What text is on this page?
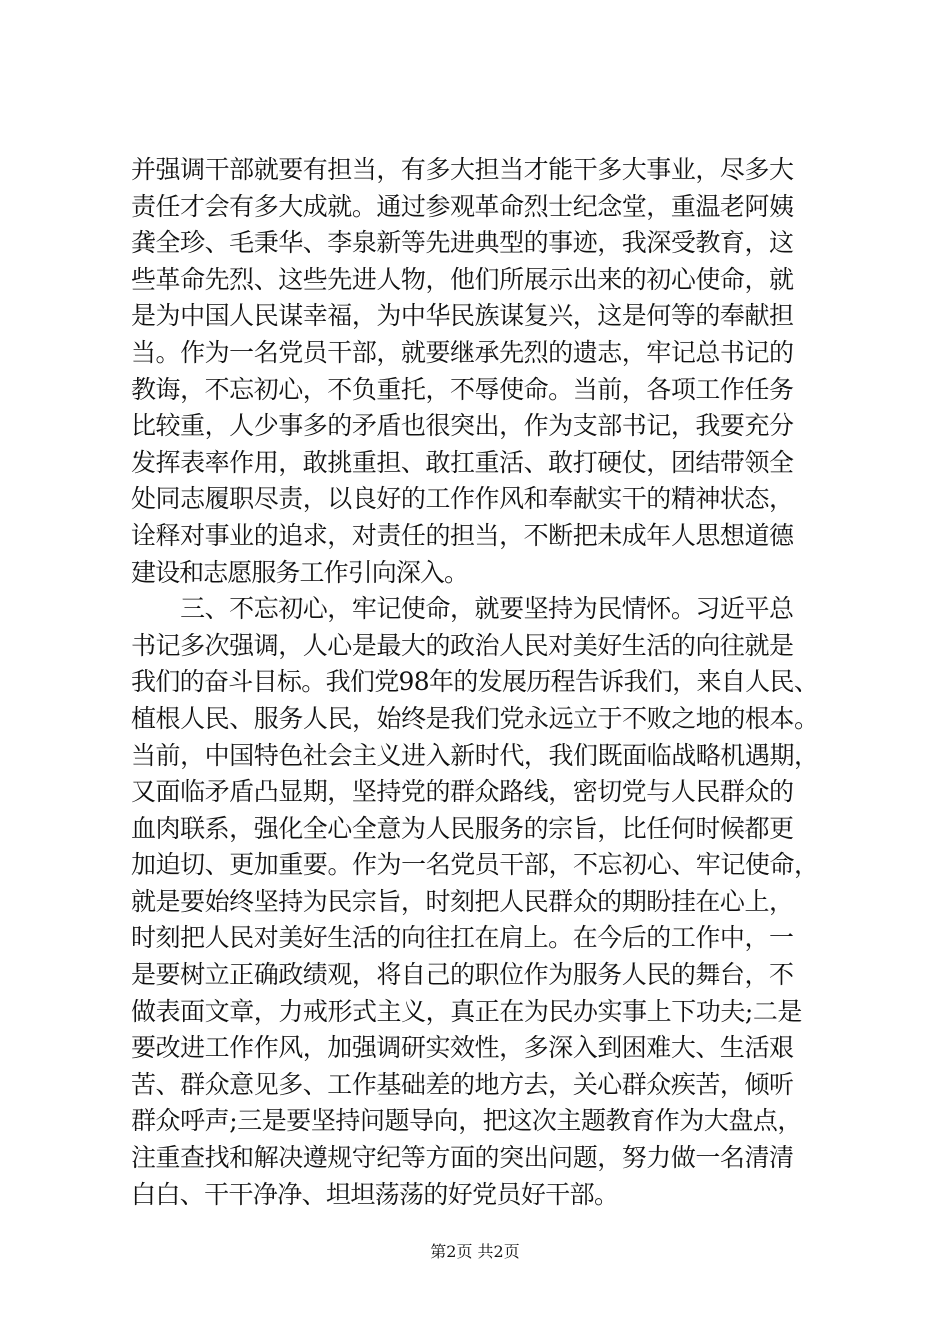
并强调干部就要有担当，有多大担当才能干多大事业，尽多大
责任才会有多大成就。通过参观革命烈士纪念堂，重温老阿姨
龚全珍、毛秉华、李泉新等先进典型的事迹，我深受教育，这
些革命先烈、这些先进人物，他们所展示出来的初心使命，就
是为中国人民谋幸福，为中华民族谋复兴，这是何等的奉献担
当。作为一名党员干部，就要继承先烈的遗志，牢记总书记的
教诲，不忘初心，不负重托，不辱使命。当前，各项工作任务
比较重，人少事多的矛盾也很突出，作为支部书记，我要充分
发挥表率作用，敢挑重担、敢扛重活、敢打硬仗，团结带领全
处同志履职尽责，以良好的工作作风和奉献实干的精神状态，
诠释对事业的追求，对责任的担当，不断把未成年人思想道德
建设和志愿服务工作引向深入。
　　三、不忘初心，牢记使命，就要坚持为民情怀。习近平总
书记多次强调，人心是最大的政治人民对美好生活的向往就是
我们的奋斗目标。我们党98年的发展历程告诉我们，来自人民、
植根人民、服务人民，始终是我们党永远立于不败之地的根本。
当前，中国特色社会主义进入新时代，我们既面临战略机遇期，
又面临矛盾凸显期，坚持党的群众路线，密切党与人民群众的
血肉联系，强化全心全意为人民服务的宗旨，比任何时候都更
加迫切、更加重要。作为一名党员干部，不忘初心、牢记使命，
就是要始终坚持为民宗旨，时刻把人民群众的期盼挂在心上，
时刻把人民对美好生活的向往扛在肩上。在今后的工作中，一
是要树立正确政绩观，将自己的职位作为服务人民的舞台，不
做表面文章，力戒形式主义，真正在为民办实事上下功夫;二是
要改进工作作风，加强调研实效性，多深入到困难大、生活艰
苦、群众意见多、工作基础差的地方去，关心群众疾苦，倾听
群众呼声;三是要坚持问题导向，把这次主题教育作为大盘点，
注重查找和解决遵规守纪等方面的突出问题，努力做一名清清
白白、干干净净、坦坦荡荡的好党员好干部。
第2页 共2页
